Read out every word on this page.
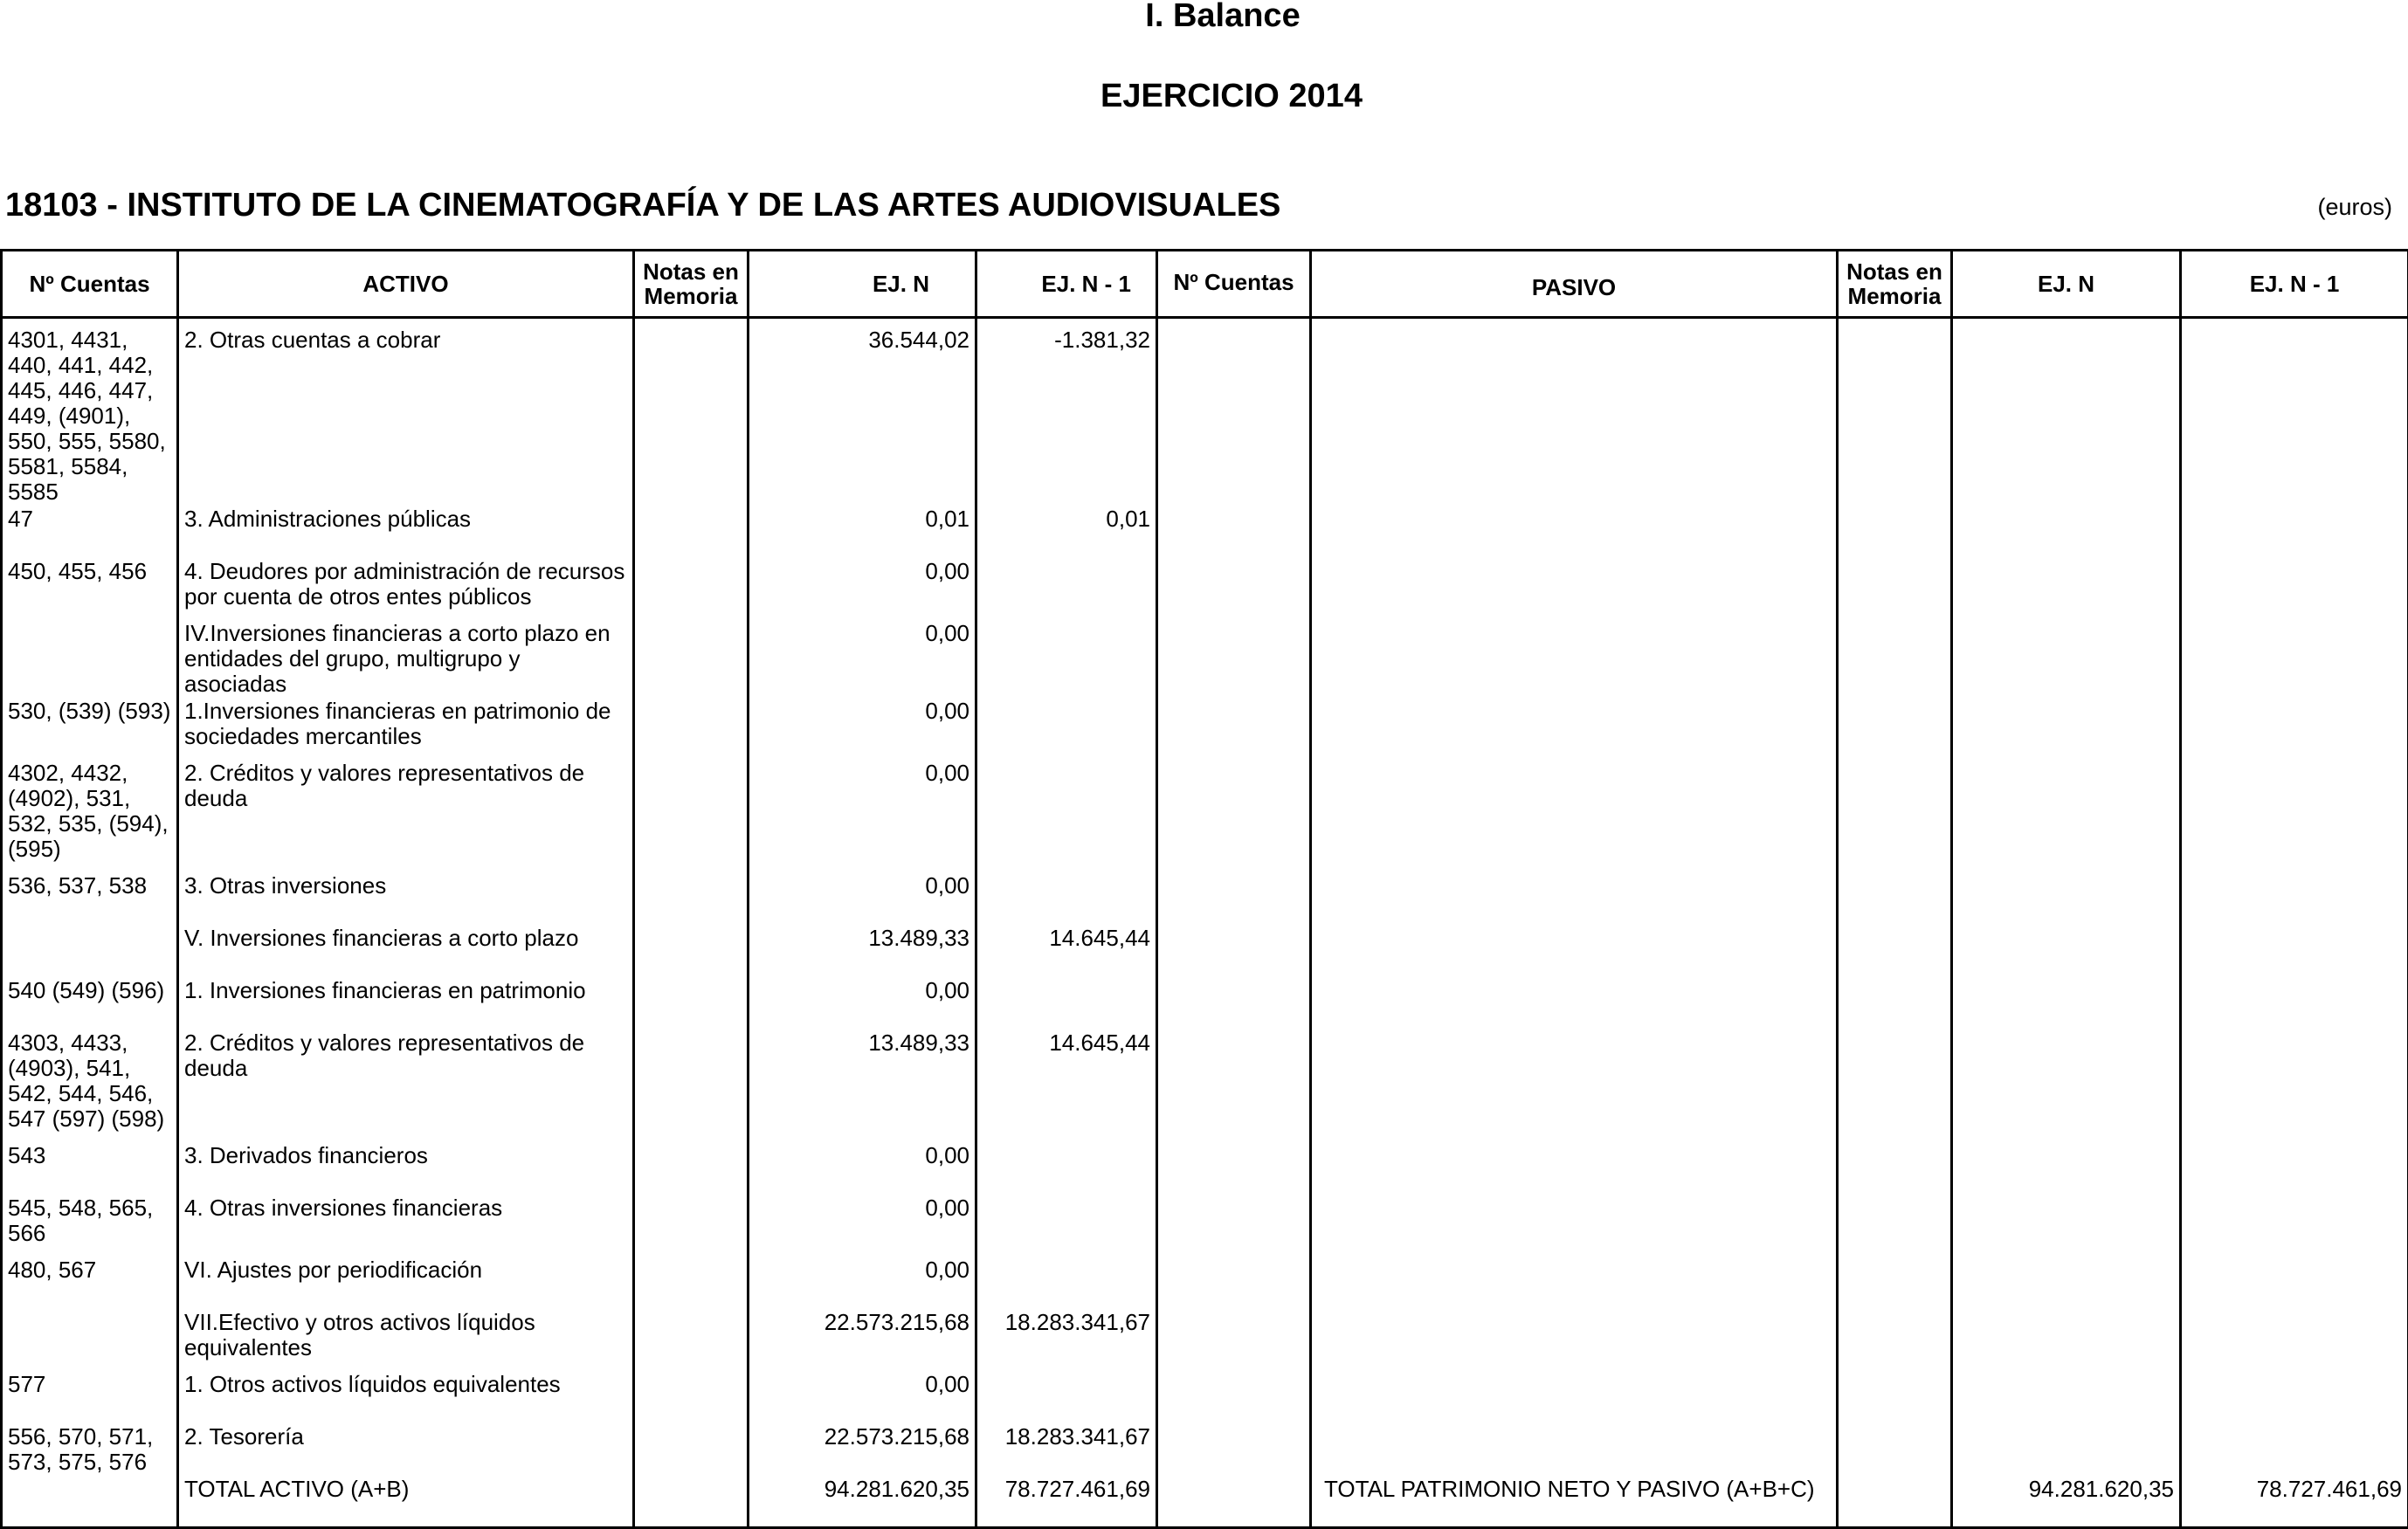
I. Balance
EJERCICIO 2014
18103 - INSTITUTO DE LA CINEMATOGRAFÍA Y DE LAS ARTES AUDIOVISUALES	(euros)
Nº Cuentas	ACTIVO	Notas en Memoria	EJ. N	EJ. N - 1	Nº Cuentas	PASIVO	Notas en Memoria	EJ. N	EJ. N - 1
4301, 4431, 440, 441, 442, 445, 446, 447, 449, (4901), 550, 555, 5580, 5581, 5584, 5585	2. Otras cuentas a cobrar		36.544,02	-1.381,32					
47	3. Administraciones públicas		0,01	0,01					
450, 455, 456	4. Deudores por administración de recursos por cuenta de otros entes públicos		0,00						
	IV.Inversiones financieras a corto plazo en entidades del grupo, multigrupo y asociadas		0,00						
530, (539) (593)	1.Inversiones financieras en patrimonio de sociedades mercantiles		0,00						
4302, 4432, (4902), 531, 532, 535, (594), (595)	2. Créditos y valores representativos de deuda		0,00						
536, 537, 538	3. Otras inversiones		0,00						
	V. Inversiones financieras a corto plazo		13.489,33	14.645,44					
540 (549) (596)	1. Inversiones financieras en patrimonio		0,00						
4303, 4433, (4903), 541, 542, 544, 546, 547 (597) (598)	2. Créditos y valores representativos de deuda		13.489,33	14.645,44					
543	3. Derivados financieros		0,00						
545, 548, 565, 566	4. Otras inversiones financieras		0,00						
480, 567	VI. Ajustes por periodificación		0,00						
	VII.Efectivo y otros activos líquidos equivalentes		22.573.215,68	18.283.341,67					
577	1. Otros activos líquidos equivalentes		0,00						
556, 570, 571, 573, 575, 576	2. Tesorería		22.573.215,68	18.283.341,67					
	TOTAL ACTIVO (A+B)		94.281.620,35	78.727.461,69		TOTAL PATRIMONIO NETO Y PASIVO (A+B+C)		94.281.620,35	78.727.461,69
